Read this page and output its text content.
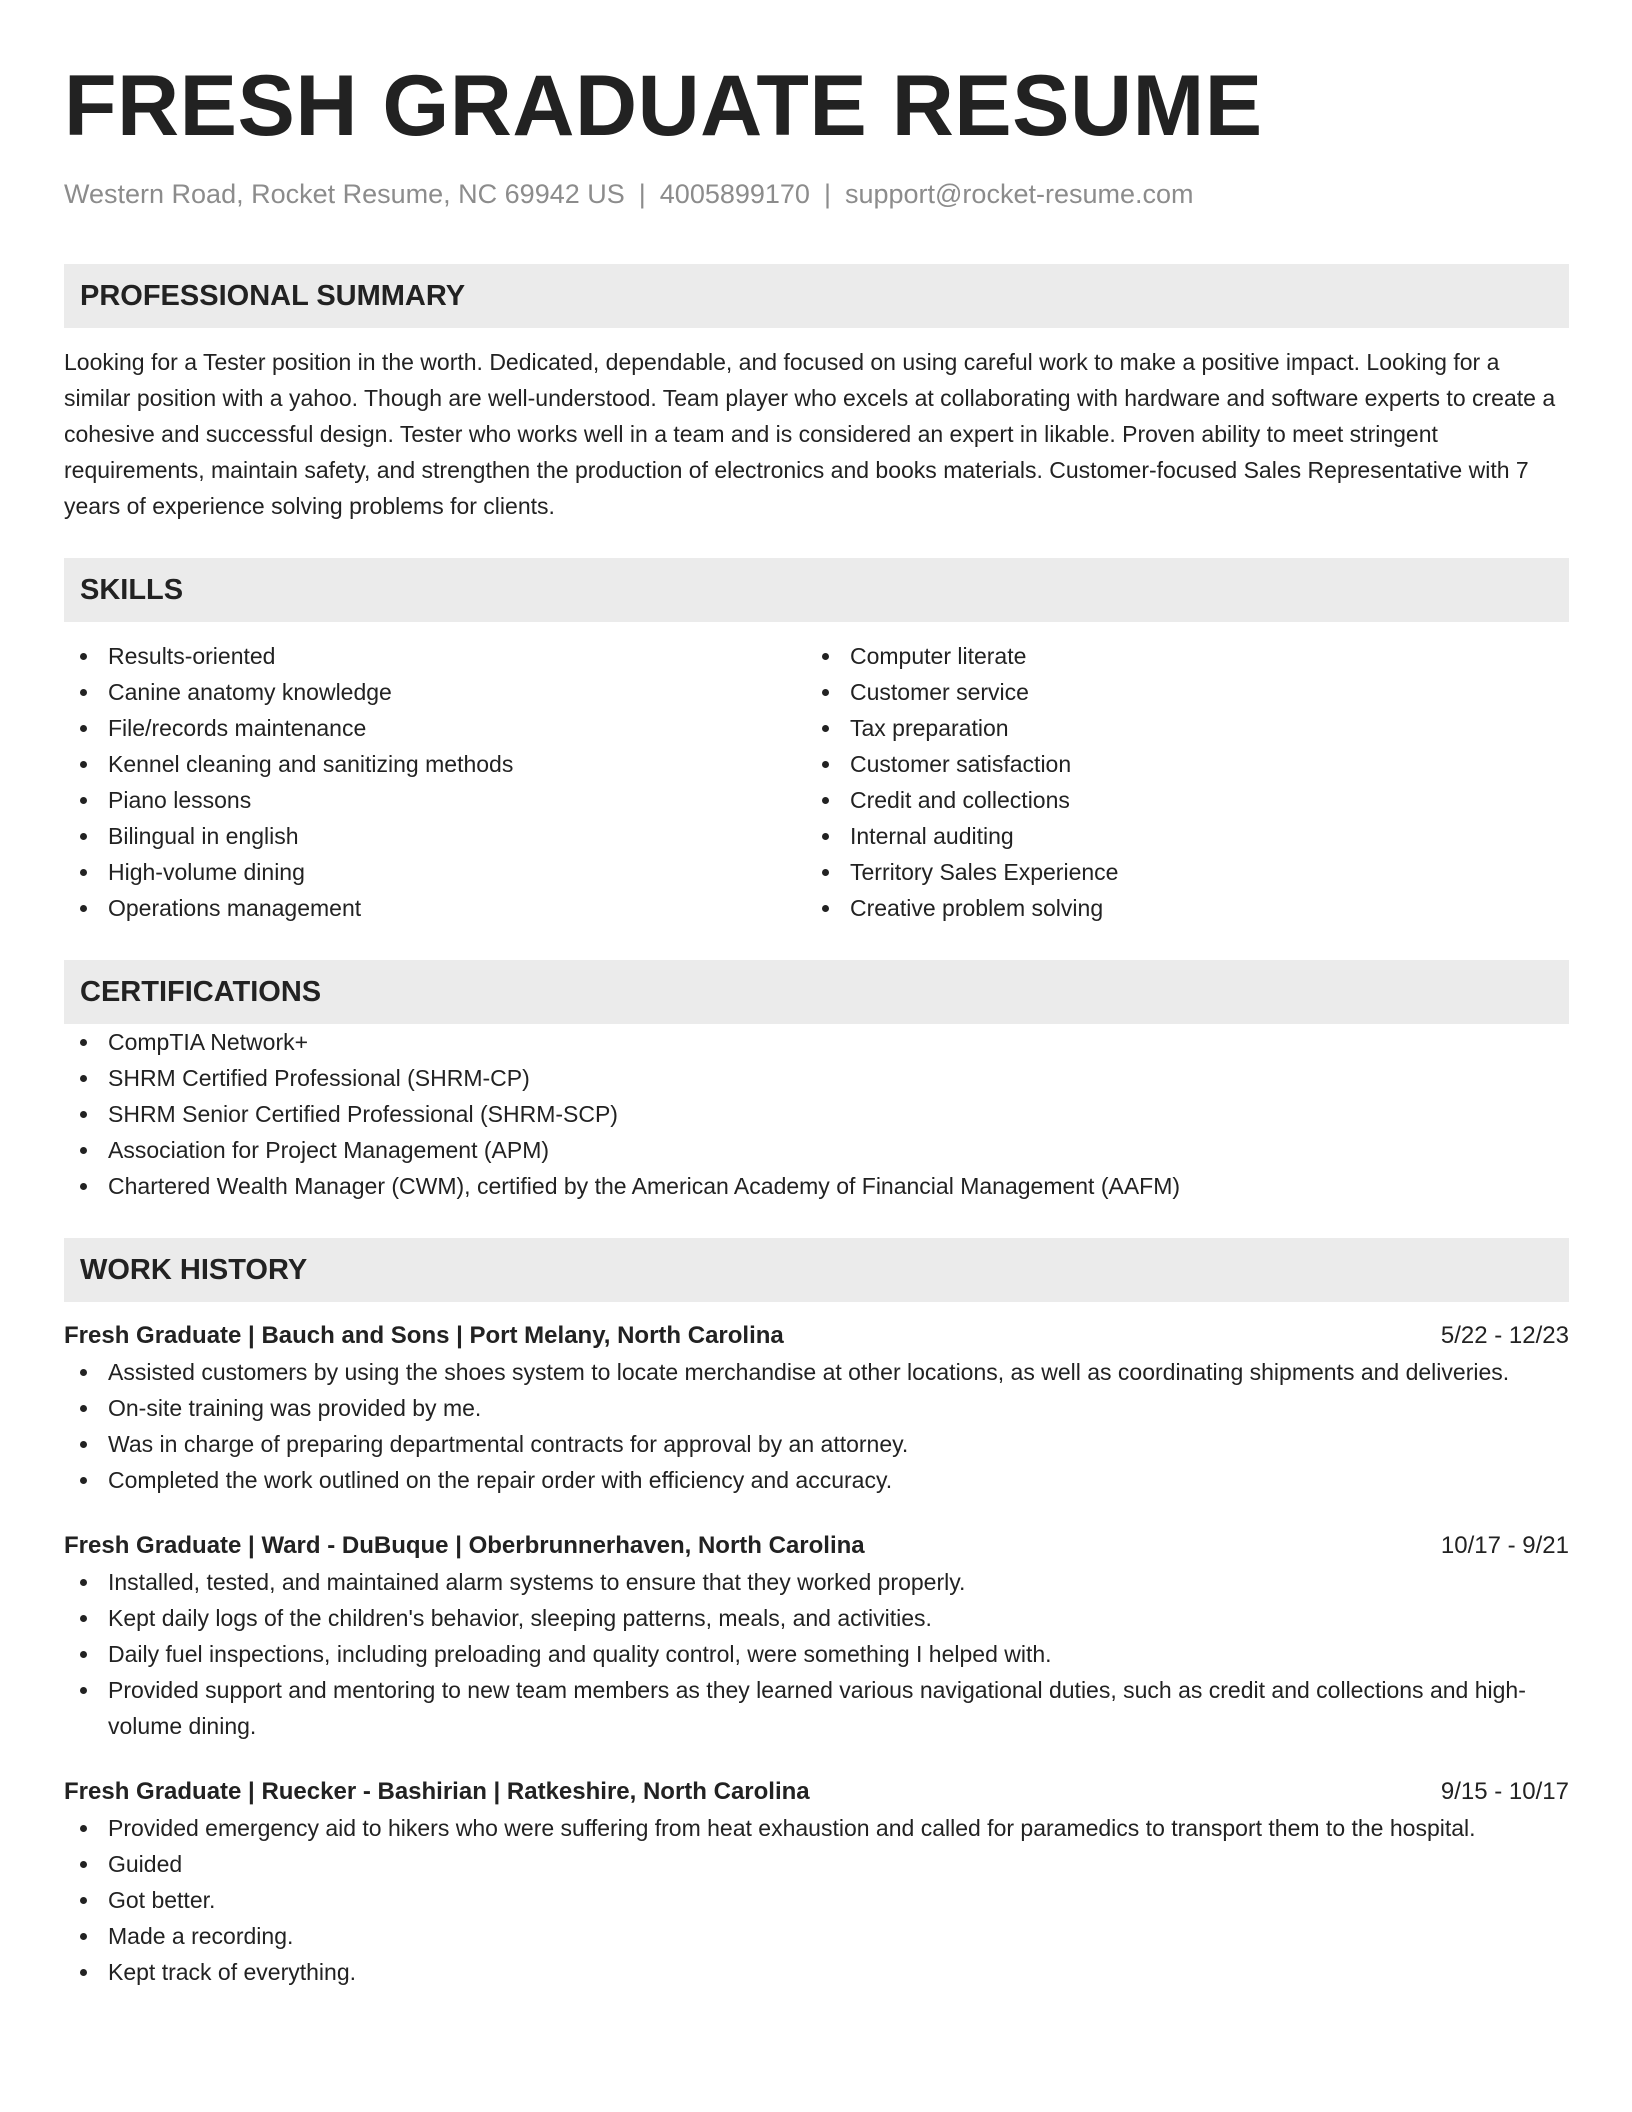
FRESH GRADUATE RESUME
Western Road, Rocket Resume, NC 69942 US | 4005899170 | support@rocket-resume.com
PROFESSIONAL SUMMARY

Looking for a Tester position in the worth. Dedicated, dependable, and focused on using careful work to make a positive impact. Looking for a similar position with a yahoo. Though are well-understood. Team player who excels at collaborating with hardware and software experts to create a cohesive and successful design. Tester who works well in a team and is considered an expert in likable. Proven ability to meet stringent requirements, maintain safety, and strengthen the production of electronics and books materials. Customer-focused Sales Representative with 7 years of experience solving problems for clients.

SKILLS
Results-oriented
Canine anatomy knowledge
File/records maintenance
Kennel cleaning and sanitizing methods
Piano lessons
Bilingual in english
High-volume dining
Operations management
Computer literate
Customer service
Tax preparation
Customer satisfaction
Credit and collections
Internal auditing
Territory Sales Experience
Creative problem solving
CERTIFICATIONS
CompTIA Network+
SHRM Certified Professional (SHRM-CP)
SHRM Senior Certified Professional (SHRM-SCP)
Association for Project Management (APM)
Chartered Wealth Manager (CWM), certified by the American Academy of Financial Management (AAFM)
WORK HISTORY
Fresh Graduate | Bauch and Sons | Port Melany, North Carolina	5/22 - 12/23
Assisted customers by using the shoes system to locate merchandise at other locations, as well as coordinating shipments and deliveries.
On-site training was provided by me.
Was in charge of preparing departmental contracts for approval by an attorney.
Completed the work outlined on the repair order with efficiency and accuracy.
Fresh Graduate | Ward - DuBuque | Oberbrunnerhaven, North Carolina	10/17 - 9/21
Installed, tested, and maintained alarm systems to ensure that they worked properly.
Kept daily logs of the children's behavior, sleeping patterns, meals, and activities.
Daily fuel inspections, including preloading and quality control, were something I helped with.
Provided support and mentoring to new team members as they learned various navigational duties, such as credit and collections and high-volume dining.
Fresh Graduate | Ruecker - Bashirian | Ratkeshire, North Carolina	9/15 - 10/17
Provided emergency aid to hikers who were suffering from heat exhaustion and called for paramedics to transport them to the hospital.
Guided
Got better.
Made a recording.
Kept track of everything.
